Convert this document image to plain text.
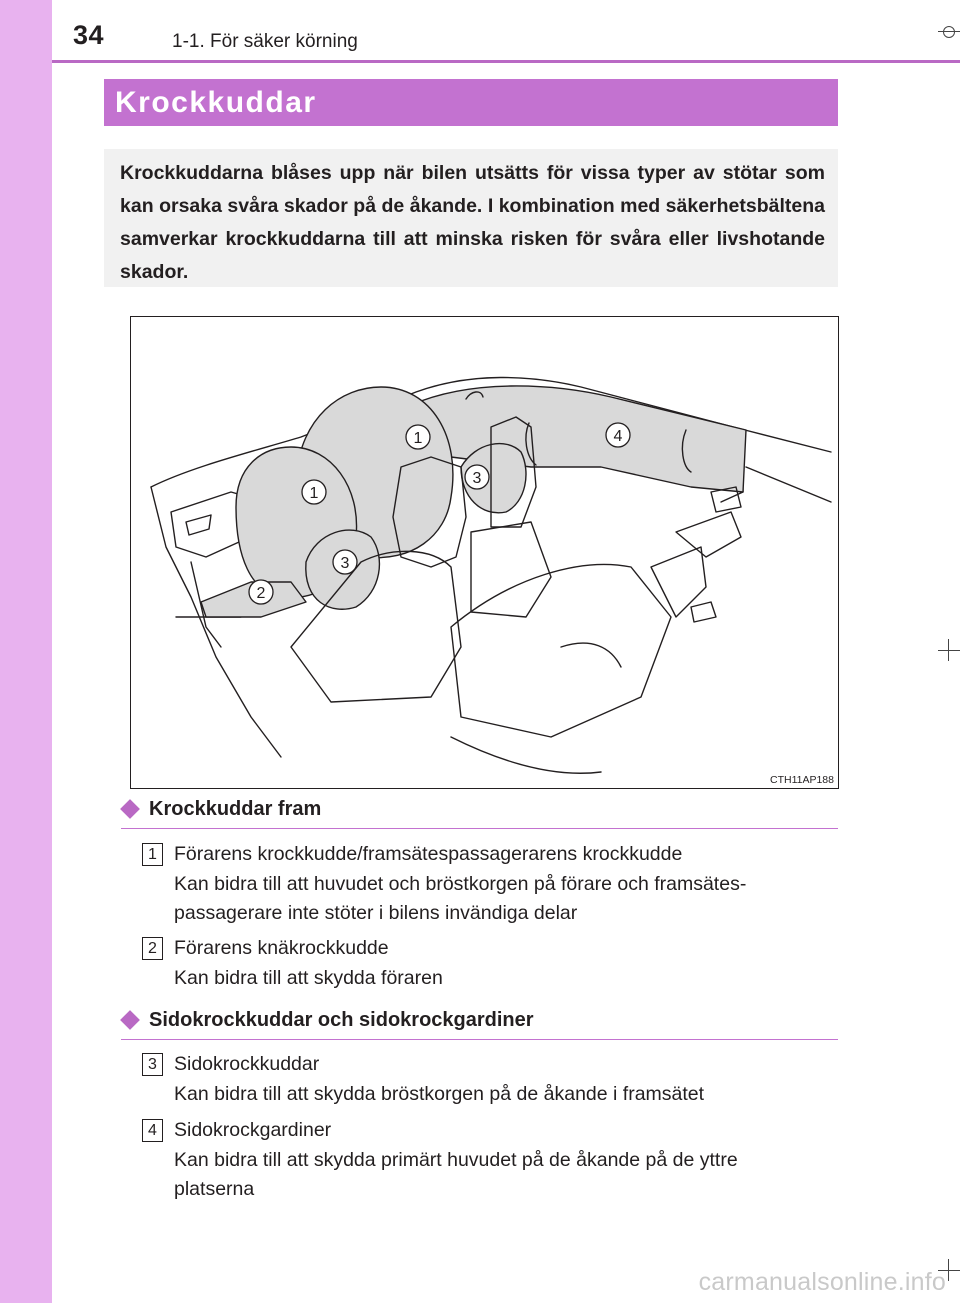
34	1-1. För säker körning
Krockkuddar
Krockkuddarna blåses upp när bilen utsätts för vissa typer av stötar som kan orsaka svåra skador på de åkande. I kombination med säkerhetsbältena samverkar krockkuddarna till att minska risken för svåra eller livshotande skador.
1
1
2
3
3
4
CTH11AP188
Krockkuddar fram
1 Förarens krockkudde/framsätespassagerarens krockkudde
Kan bidra till att huvudet och bröstkorgen på förare och framsätes-
passagerare inte stöter i bilens invändiga delar
2 Förarens knäkrockkudde
Kan bidra till att skydda föraren
Sidokrockkuddar och sidokrockgardiner
3 Sidokrockkuddar
Kan bidra till att skydda bröstkorgen på de åkande i framsätet
4 Sidokrockgardiner
Kan bidra till att skydda primärt huvudet på de åkande på de yttre
platserna
carmanualsonline.info
